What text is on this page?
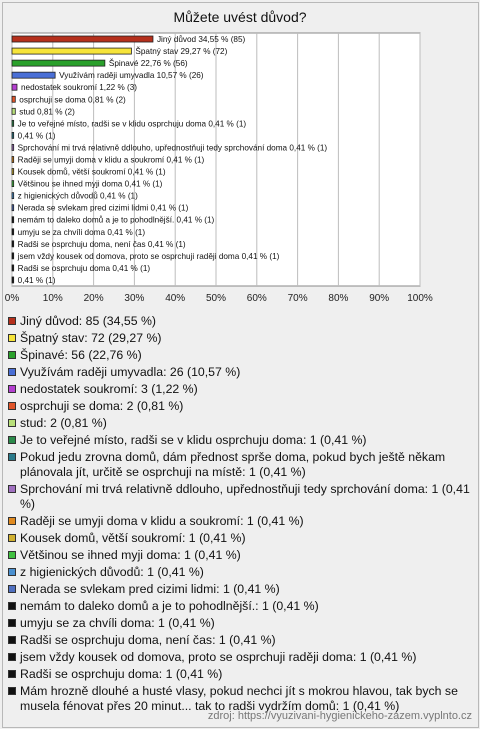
Můžete uvést důvod?
0% 10% 20% 30% 40% 50% 60% 70% 80% 90% 100%
Jiný důvod 34,55 % (85)
Špatný stav 29,27 % (72)
Špinavé 22,76 % (56)
Využívám raději umyvadla 10,57 % (26)
nedostatek soukromí 1,22 % (3)
osprchuji se doma 0,81 % (2)
stud 0,81 % (2)
Je to veřejné místo, radši se v klidu osprchuju doma 0,41 % (1)
0,41 % (1)
Sprchování mi trvá relativně ddlouho, upřednostňuji tedy sprchování doma 0,41 % (1)
Raději se umyji doma v klidu a soukromí 0,41 % (1)
Kousek domů, větší soukromí 0,41 % (1)
Většinou se ihned myji doma 0,41 % (1)
z higienických důvodů 0,41 % (1)
Nerada se svlekam pred cizimi lidmi 0,41 % (1)
nemám to daleko domů a je to pohodlnější. 0,41 % (1)
umyju se za chvíli doma 0,41 % (1)
Radši se osprchuju doma, není čas 0,41 % (1)
jsem vždy kousek od domova, proto se osprchuji raději doma 0,41 % (1)
Radši se osprchuju doma 0,41 % (1)
0,41 % (1)
Jiný důvod: 85 (34,55 %)
Špatný stav: 72 (29,27 %)
Špinavé: 56 (22,76 %)
Využívám raději umyvadla: 26 (10,57 %)
nedostatek soukromí: 3 (1,22 %)
osprchuji se doma: 2 (0,81 %)
stud: 2 (0,81 %)
Je to veřejné místo, radši se v klidu osprchuju doma: 1 (0,41 %)
Pokud jedu zrovna domů, dám přednost sprše doma, pokud bych ještě někam plánovala jít, určitě se osprchuji na místě: 1 (0,41 %)
Sprchování mi trvá relativně ddlouho, upřednostňuji tedy sprchování doma: 1 (0,41 %)
Raději se umyji doma v klidu a soukromí: 1 (0,41 %)
Kousek domů, větší soukromí: 1 (0,41 %)
Většinou se ihned myji doma: 1 (0,41 %)
z higienických důvodů: 1 (0,41 %)
Nerada se svlekam pred cizimi lidmi: 1 (0,41 %)
nemám to daleko domů a je to pohodlnější.: 1 (0,41 %)
umyju se za chvíli doma: 1 (0,41 %)
Radši se osprchuju doma, není čas: 1 (0,41 %)
jsem vždy kousek od domova, proto se osprchuji raději doma: 1 (0,41 %)
Radši se osprchuju doma: 1 (0,41 %)
Mám hrozně dlouhé a husté vlasy, pokud nechci jít s mokrou hlavou, tak bych se musela fénovat přes 20 minut... tak to radši vydržím domů: 1 (0,41 %)
zdroj: https://vyuzivani-hygienickeho-zazem.vyplnto.cz
